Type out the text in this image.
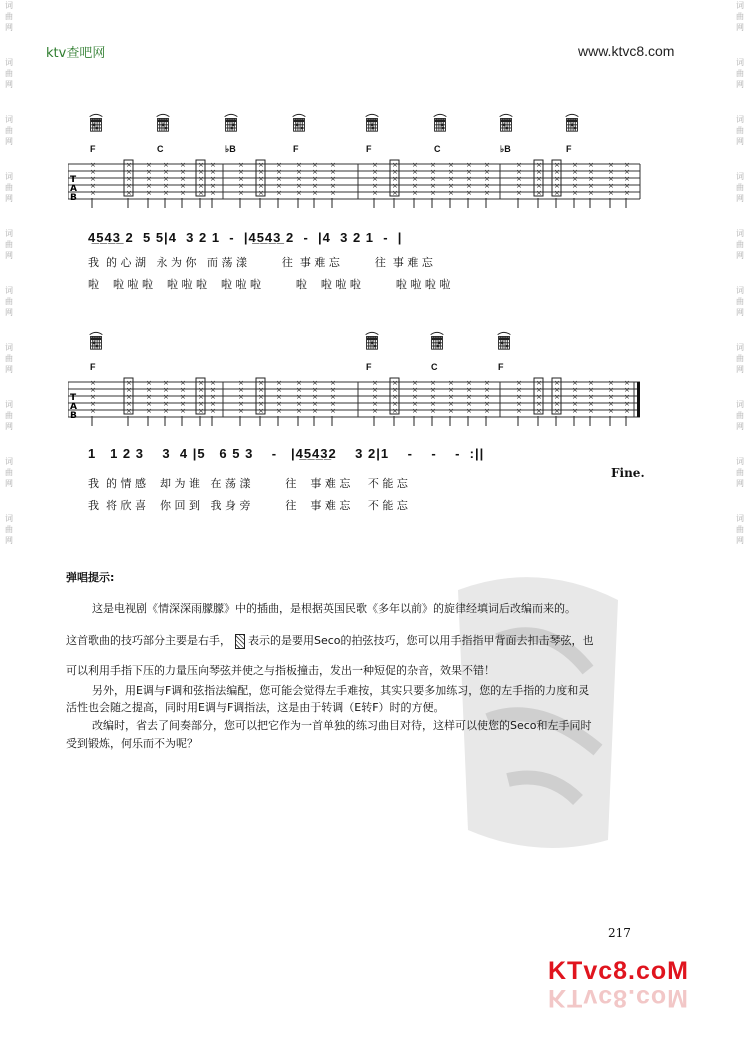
词
曲
网
词
曲
网
词
曲
网
词
曲
网
词
曲
网
词
曲
网
词
曲
网
词
曲
网
词
曲
网
词
曲
网
词
曲
网
词
曲
网
词
曲
网
词
曲
网
词
曲
网
词
曲
网
词
曲
网
词
曲
网
词
曲
网
词
曲
网
ktv查吧网	www.ktvc8.com
F	C	♭B	F	F	C	♭B	F
×
×
×
×
×
×
×
×
×
×
×
×
×
×
×
×
×
×
×
×
×
×
×
×
×
×
×
×
×
×
×
×
×
×
×
×
×
×
×
×
×
×
×
×
×
×
×
×
×
×
×
×
×
×
×
×
×
×
×
×
×
×
×
×
×
×
×
×
×
×
×
×
×
×
×
×
×
×
×
×
×
×
×
×
×
×
×
×
×
×
×
×
×
×
×
×
×
×
×
×
×
×
×
×
×
×
×
×
×
×
×
×
×
×
×
×
×
×
×
×
×
×
×
×
×
×
×
×
×
×
×
×
×
×
×
T
A
B
4̲5̲4̲3̲ 2  5 5|4  3 2 1  -  |4̲5̲4̲3̲ 2  -  |4  3 2 1  -  |
我  的 心 湖   永 为 你   而 荡 漾          往  事 难 忘          往  事 难 忘
啦    啦 啦 啦    啦 啦 啦    啦 啦 啦          啦    啦 啦 啦          啦 啦 啦 啦
F	F	C	F
×
×
×
×
×
×
×
×
×
×
×
×
×
×
×
×
×
×
×
×
×
×
×
×
×
×
×
×
×
×
×
×
×
×
×
×
×
×
×
×
×
×
×
×
×
×
×
×
×
×
×
×
×
×
×
×
×
×
×
×
×
×
×
×
×
×
×
×
×
×
×
×
×
×
×
×
×
×
×
×
×
×
×
×
×
×
×
×
×
×
×
×
×
×
×
×
×
×
×
×
×
×
×
×
×
×
×
×
×
×
×
×
×
×
×
×
×
×
×
×
×
×
×
×
×
×
×
×
×
×
×
×
×
×
×
T
A
B
1   1 2 3    3  4 |5   6 5 3    -   |4̲5̲4̲3̲2    3 2|1    -    -    -  :||
Fine.
我  的 情 感    却 为 谁   在 荡 漾          往    事 难 忘     不 能 忘
我  将 欣 喜    你 回 到   我 身 旁          往    事 难 忘     不 能 忘
弹唱提示:
这是电视剧《情深深雨朦朦》中的插曲，是根据英国民歌《多年以前》的旋律经填词后改编而来的。
这首歌曲的技巧部分主要是右手， 表示的是要用Seco的拍弦技巧，您可以用手指指甲背面去扣击琴弦，也
可以利用手指下压的力量压向琴弦并使之与指板撞击，发出一种短促的杂音，效果不错！
另外，用E调与F调和弦指法编配，您可能会觉得左手难按，其实只要多加练习，您的左手指的力度和灵
活性也会随之提高，同时用E调与F调指法，这是由于转调（E转F）时的方便。
改编时，省去了间奏部分，您可以把它作为一首单独的练习曲目对待，这样可以使您的Seco和左手同时
受到锻炼，何乐而不为呢？
217
KTvc8.coM
KTvc8.coM
